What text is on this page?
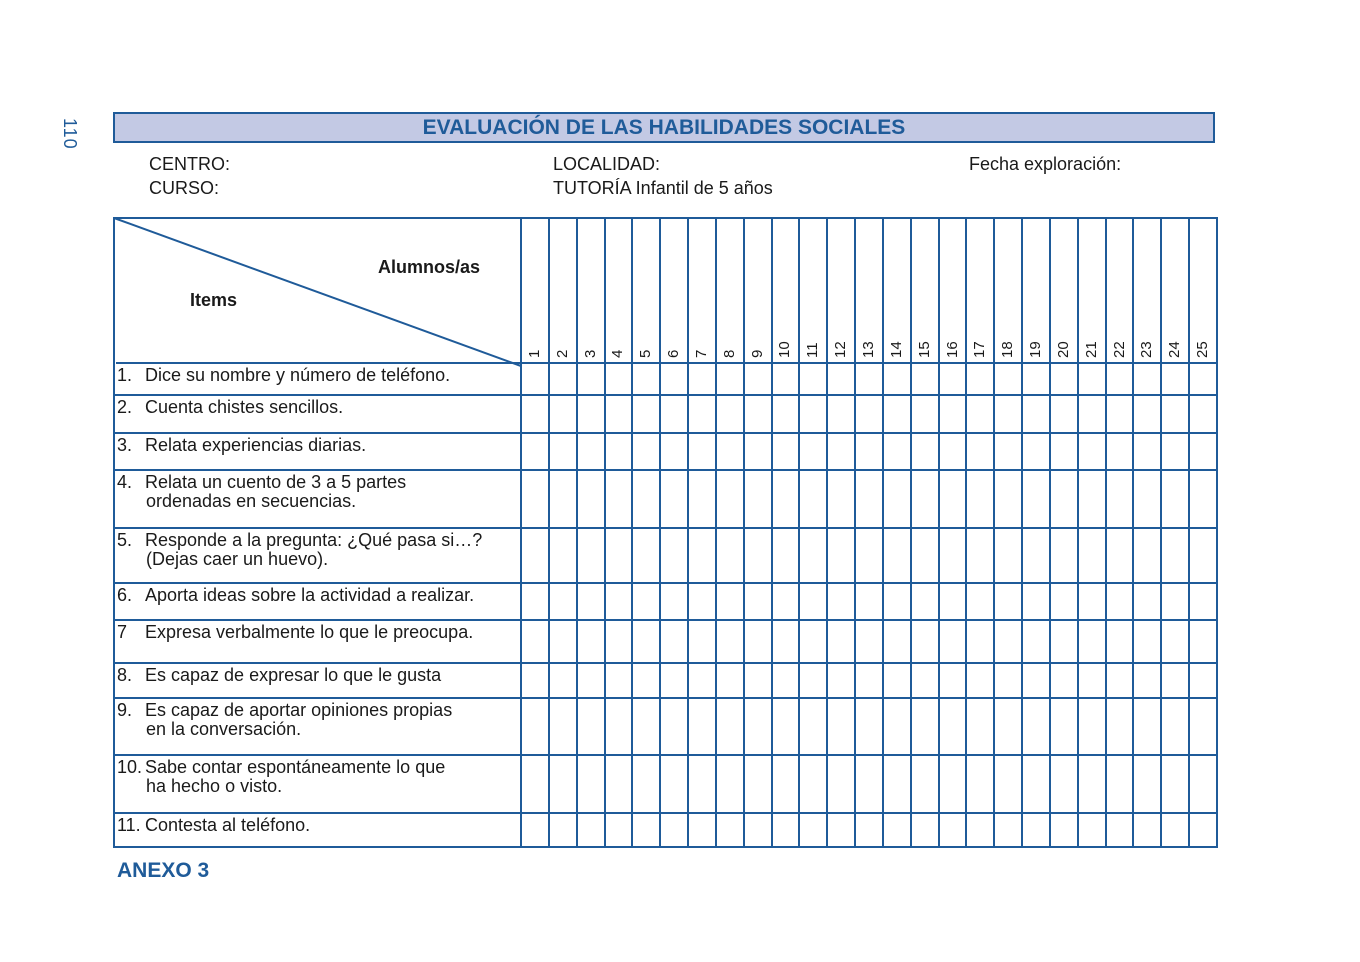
110	EVALUACIÓN DE LAS HABILIDADES SOCIALES
CENTRO:
CURSO:
LOCALIDAD:
TUTORÍA Infantil de 5 años
Fecha exploración:
Alumnos/as
Items
1 2 3 4 5 6 7 8 9 10 11 12 13 14 15 16 17 18 19 20 21 22 23 24 25
1. Dice su nombre y número de teléfono.
2. Cuenta chistes sencillos.
3. Relata experiencias diarias.
4. Relata un cuento de 3 a 5 partes
ordenadas en secuencias.
5. Responde a la pregunta: ¿Qué pasa si…?
(Dejas caer un huevo).
6. Aporta ideas sobre la actividad a realizar.
7 Expresa verbalmente lo que le preocupa.
8. Es capaz de expresar lo que le gusta
9. Es capaz de aportar opiniones propias
en la conversación.
10. Sabe contar espontáneamente lo que
ha hecho o visto.
11. Contesta al teléfono.
ANEXO 3
